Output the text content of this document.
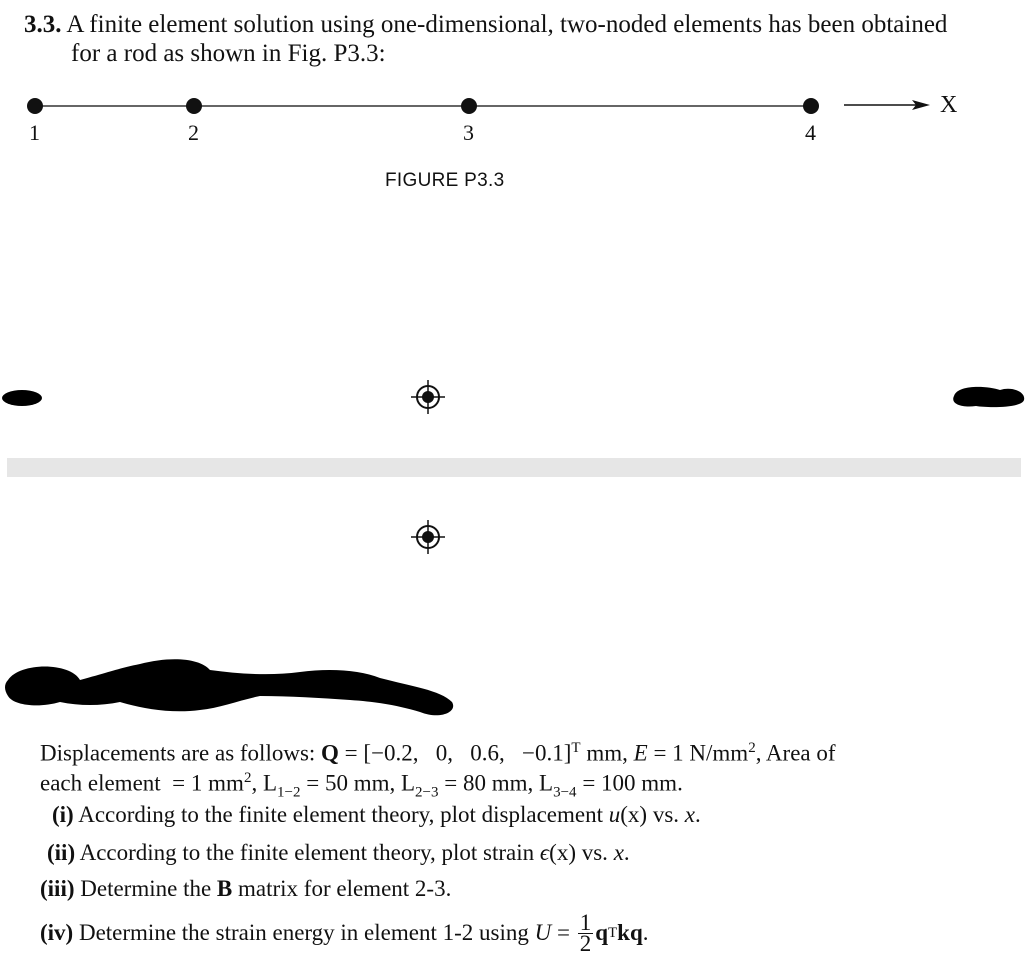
3.3. A finite element solution using one-dimensional, two-noded elements has been obtained
for a rod as shown in Fig. P3.3:
1	2	3	4
X
FIGURE P3.3
Displacements are as follows: Q = [−0.2,   0,   0.6,   −0.1]$^T$ mm, E = 1 $N/mm^2$, Area of
each element = 1 $mm^2$, $L_{1-2} = 50$ mm, $L_{2-3} = 80$ mm, $L_{3-4} = 100$ mm.
(i) According to the finite element theory, plot displacement u(x) vs. x.
(ii) According to the finite element theory, plot strain ϵ(x) vs. x.
(iii) Determine the B matrix for element 2-3.
(iv)
Determine the strain energy in element 1-2 using
U
=
$\frac{1}{2}$ q T kq .
